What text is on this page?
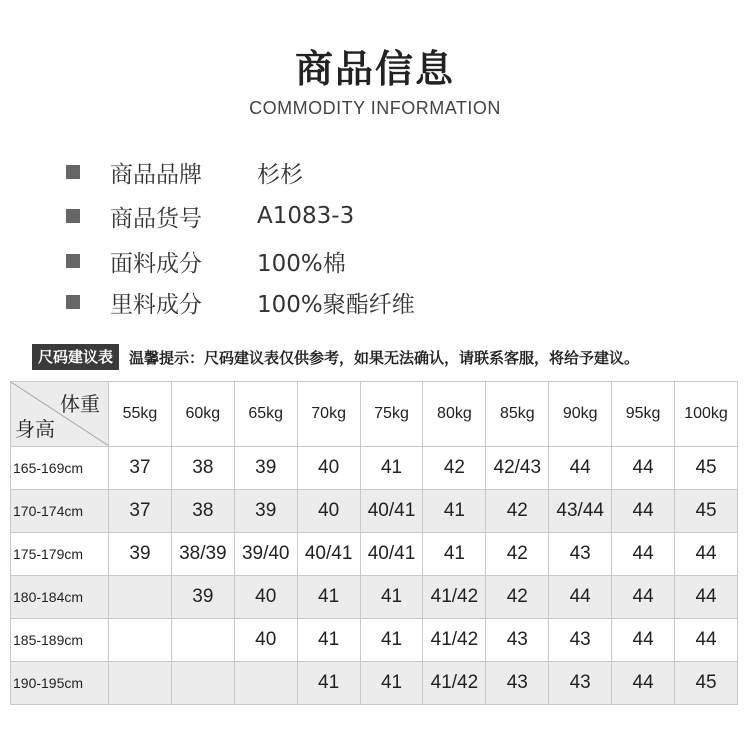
商品信息
COMMODITY INFORMATION
商品品牌 杉杉
商品货号 A1083-3
面料成分 100%棉
里料成分 100%聚酯纤维
尺码建议表	温馨提示：尺码建议表仅供参考，如果无法确认，请联系客服，将给予建议。
体重
身高	55kg	60kg	65kg	70kg	75kg	80kg	85kg	90kg	95kg	100kg
165-169cm	37	38	39	40	41	42	42/43	44	44	45
170-174cm	37	38	39	40	40/41	41	42	43/44	44	45
175-179cm	39	38/39	39/40	40/41	40/41	41	42	43	44	44
180-184cm		39	40	41	41	41/42	42	44	44	44
185-189cm			40	41	41	41/42	43	43	44	44
190-195cm				41	41	41/42	43	43	44	45
